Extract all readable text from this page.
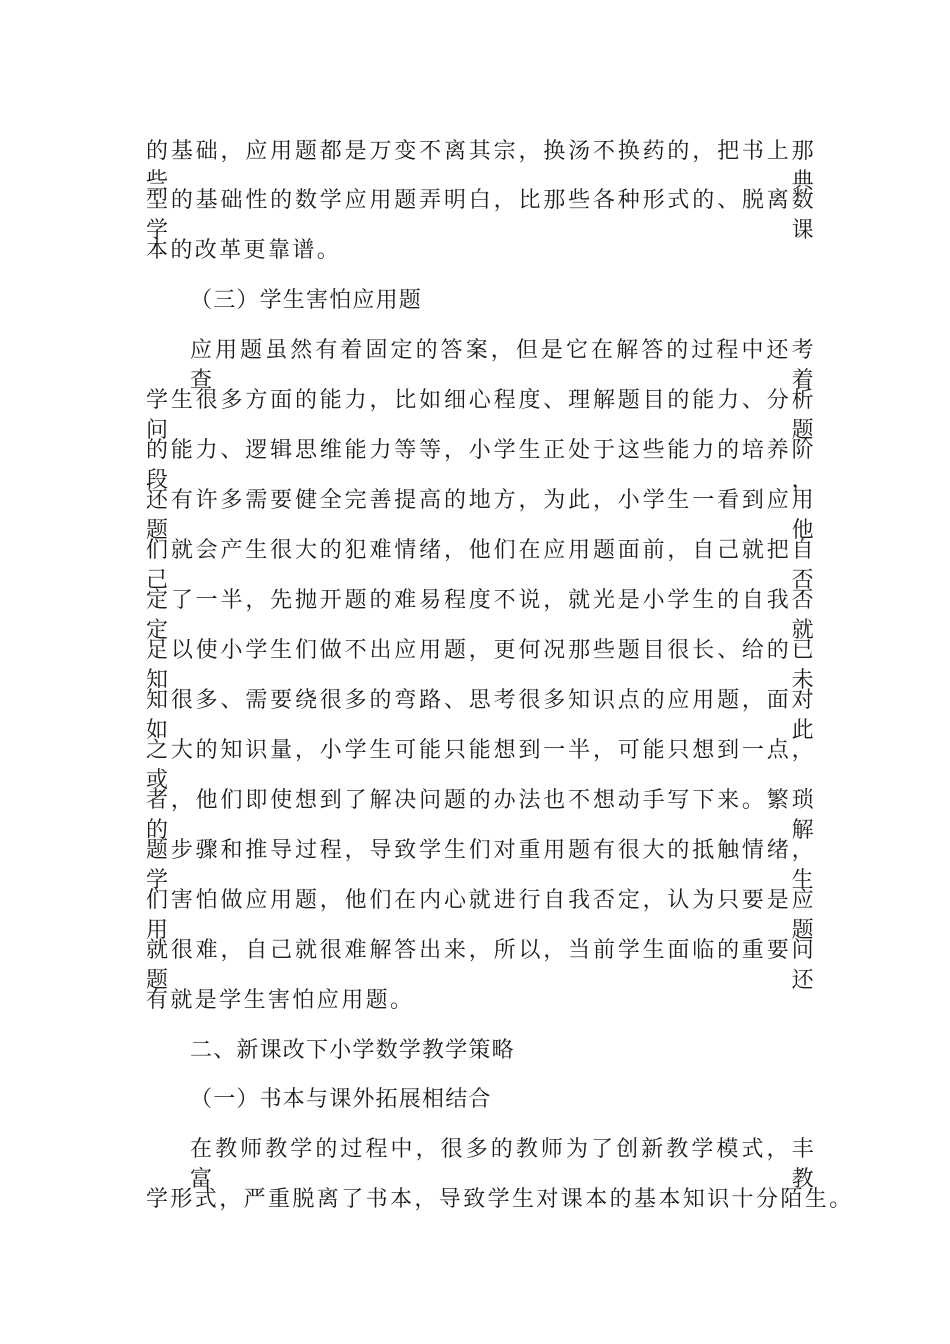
的基础，应用题都是万变不离其宗，换汤不换药的，把书上那些典
型的基础性的数学应用题弄明白，比那些各种形式的、脱离数学课
本的改革更靠谱。
（三）学生害怕应用题
应用题虽然有着固定的答案，但是它在解答的过程中还考查着
学生很多方面的能力，比如细心程度、理解题目的能力、分析问题
的能力、逻辑思维能力等等，小学生正处于这些能力的培养阶段，
还有许多需要健全完善提高的地方，为此，小学生一看到应用题他
们就会产生很大的犯难情绪，他们在应用题面前，自己就把自己否
定了一半，先抛开题的难易程度不说，就光是小学生的自我否定就
足以使小学生们做不出应用题，更何况那些题目很长、给的已知未
知很多、需要绕很多的弯路、思考很多知识点的应用题，面对如此
之大的知识量，小学生可能只能想到一半，可能只想到一点，或
者，他们即使想到了解决问题的办法也不想动手写下来。繁琐的解
题步骤和推导过程，导致学生们对重用题有很大的抵触情绪，学生
们害怕做应用题，他们在内心就进行自我否定，认为只要是应用题
就很难，自己就很难解答出来，所以，当前学生面临的重要问题还
有就是学生害怕应用题。
二、新课改下小学数学教学策略
（一）书本与课外拓展相结合
在教师教学的过程中，很多的教师为了创新教学模式，丰富教
学形式，严重脱离了书本，导致学生对课本的基本知识十分陌生。
